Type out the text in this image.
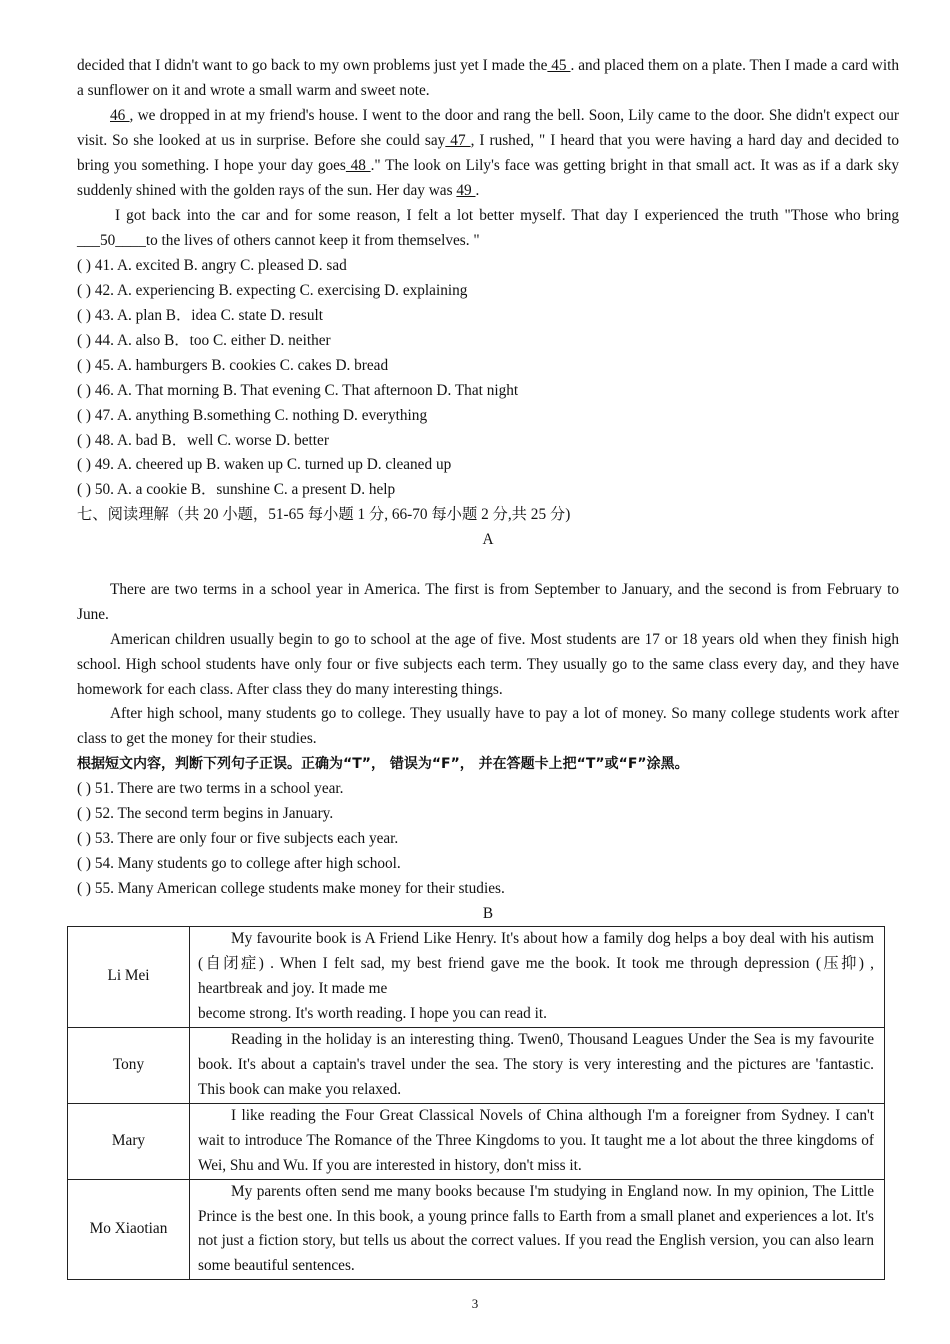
decided that I didn't want to go back to my own problems just yet I made the 45 . and placed them on a plate. Then I made a card with a sunflower on it and wrote a small warm and sweet note.

46 , we dropped in at my friend's house. I went to the door and rang the bell. Soon, Lily came to the door. She didn't expect our visit. So she looked at us in surprise. Before she could say 47 , I rushed, " I heard that you were having a hard day and decided to bring you something. I hope your day goes 48 ." The look on Lily's face was getting bright in that small act. It was as if a dark sky suddenly shined with the golden rays of the sun. Her day was 49 .

I got back into the car and for some reason, I felt a lot better myself. That day I experienced the truth "Those who bring ___50____to the lives of others cannot keep it from themselves. "

( ) 41. A. excited B. angry C. pleased D. sad
( ) 42. A. experiencing B. expecting C. exercising D. explaining
( ) 43. A. plan B．idea C. state D. result
( ) 44. A. also B．too C. either D. neither
( ) 45. A. hamburgers B. cookies C. cakes D. bread
( ) 46. A. That morning B. That evening C. That afternoon D. That night
( ) 47. A. anything B.something C. nothing D. everything
( ) 48. A. bad B．well C. worse D. better
( ) 49. A. cheered up B. waken up C. turned up D. cleaned up
( ) 50. A. a cookie B．sunshine C. a present D. help
七、阅读理解（共 20 小题，51-65 每小题 1 分, 66-70 每小题 2 分,共 25 分)
A

There are two terms in a school year in America. The first is from September to January, and the second is from February to June.

American children usually begin to go to school at the age of five. Most students are 17 or 18 years old when they finish high school. High school students have only four or five subjects each term. They usually go to the same class every day, and they have homework for each class. After class they do many interesting things.

After high school, many students go to college. They usually have to pay a lot of money. So many college students work after class to get the money for their studies.

根据短文内容，判断下列句子正误。正确为“T”， 错误为“F”， 并在答题卡上把“T”或“F”涂黑。
( ) 51. There are two terms in a school year.
( ) 52. The second term begins in January.
( ) 53. There are only four or five subjects each year.
( ) 54. Many students go to college after high school.
( ) 55. Many American college students make money for their studies.
B
Li Mei	My favourite book is A Friend Like Henry. It's about how a family dog helps a boy deal with his autism (自闭症) . When I felt sad, my best friend gave me the book. It took me through depression (压抑) , heartbreak and joy. It made me
become strong. It's worth reading. I hope you can read it.

Tony	Reading in the holiday is an interesting thing. Twen0, Thousand Leagues Under the Sea is my favourite book. It's about a captain's travel under the sea. The story is very interesting and the pictures are 'fantastic. This book can make you relaxed.

Mary	I like reading the Four Great Classical Novels of China although I'm a foreigner from Sydney. I can't wait to introduce The Romance of the Three Kingdoms to you. It taught me a lot about the three kingdoms of Wei, Shu and Wu. If you are interested in history, don't miss it.

Mo Xiaotian	My parents often send me many books because I'm studying in England now. In my opinion, The Little Prince is the best one. In this book, a young prince falls to Earth from a small planet and experiences a lot. It's not just a fiction story, but tells us about the correct values. If you read the English version, you can also learn some beautiful sentences.
3
